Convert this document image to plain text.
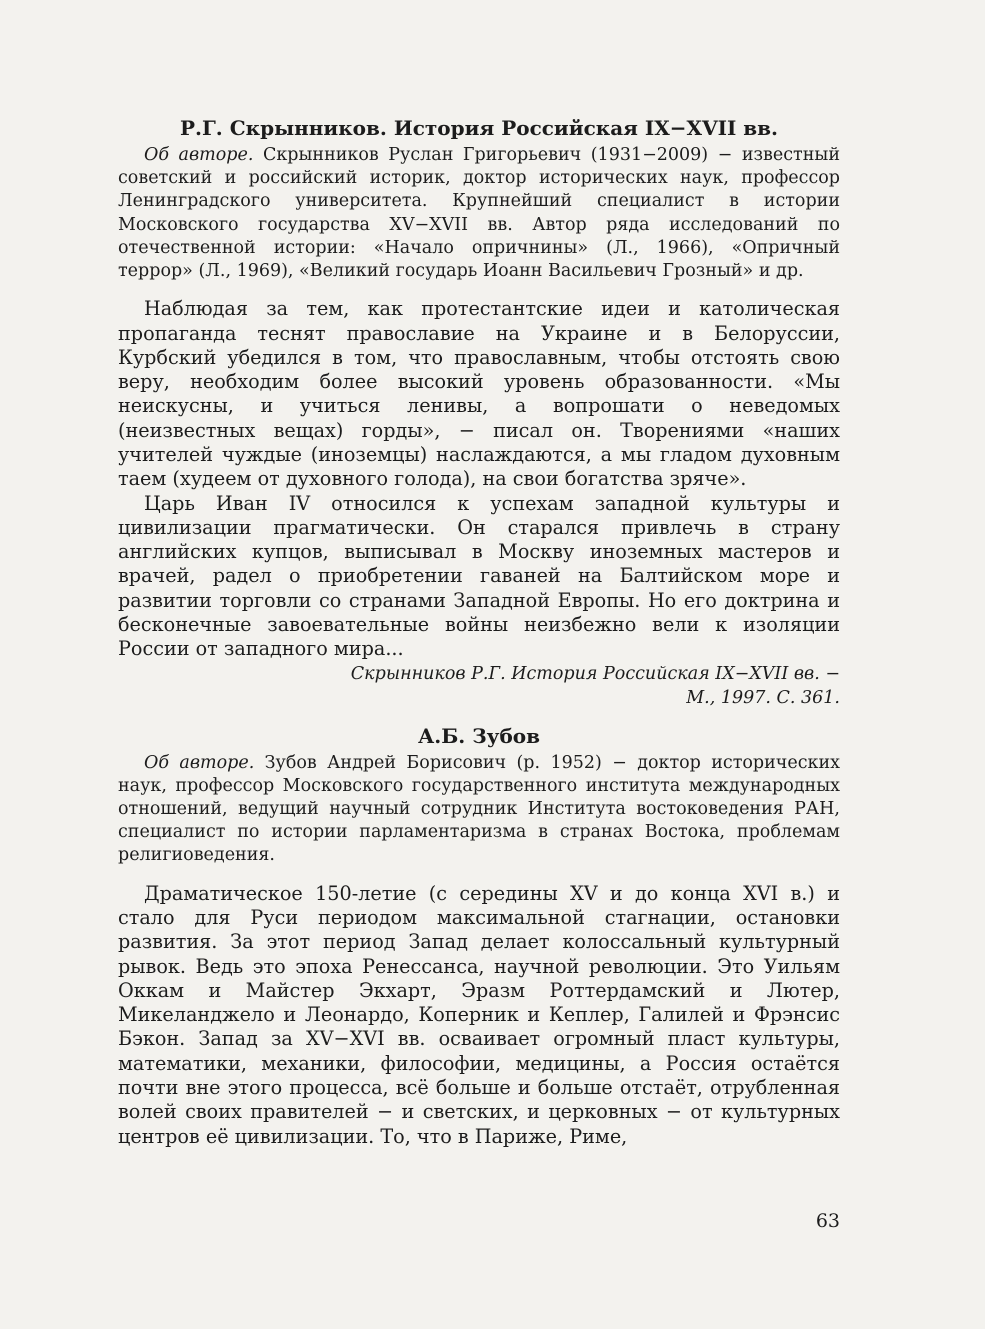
Р.Г. Скрынников. История Российская IX−XVII вв.

Об авторе. Скрынников Руслан Григорьевич (1931−2009) − известный советский и российский историк, доктор исторических наук, профессор Ленинградского университета. Крупнейший специалист в истории Московского государства XV−XVII вв. Автор ряда исследований по отечественной истории: «Начало опричнины» (Л., 1966), «Опричный террор» (Л., 1969), «Великий государь Иоанн Васильевич Грозный» и др.

Наблюдая за тем, как протестантские идеи и католическая пропаганда теснят православие на Украине и в Белоруссии, Курбский убедился в том, что православным, чтобы отстоять свою веру, необходим более высокий уровень образованности. «Мы неискусны, и учиться ленивы, а вопрошати о неведомых (неизвестных вещах) горды», − писал он. Творениями «наших учителей чуждые (иноземцы) наслаждаются, а мы гладом духовным таем (худеем от духовного голода), на свои богатства зряче».

Царь Иван IV относился к успехам западной культуры и цивилизации прагматически. Он старался привлечь в страну английских купцов, выписывал в Москву иноземных мастеров и врачей, радел о приобретении гаваней на Балтийском море и развитии торговли со странами Западной Европы. Но его доктрина и бесконечные завоевательные войны неизбежно вели к изоляции России от западного мира...

Скрынников Р.Г. История Российская IX−XVII вв. −

М., 1997. С. 361.

А.Б. Зубов

Об авторе. Зубов Андрей Борисович (р. 1952) − доктор исторических наук, профессор Московского государственного института международных отношений, ведущий научный сотрудник Института востоковедения РАН, специалист по истории парламентаризма в странах Востока, проблемам религиоведения.

Драматическое 150-летие (с середины XV и до конца XVI в.) и стало для Руси периодом максимальной стагнации, остановки развития. За этот период Запад делает колоссальный культурный рывок. Ведь это эпоха Ренессанса, научной революции. Это Уильям Оккам и Майстер Экхарт, Эразм Роттердамский и Лютер, Микеланджело и Леонардо, Коперник и Кеплер, Галилей и Фрэнсис Бэкон. Запад за XV−XVI вв. осваивает огромный пласт культуры, математики, механики, философии, медицины, а Россия остаётся почти вне этого процесса, всё больше и больше отстаёт, отрубленная волей своих правителей − и светских, и церковных − от культурных центров её цивилизации. То, что в Париже, Риме,

63
